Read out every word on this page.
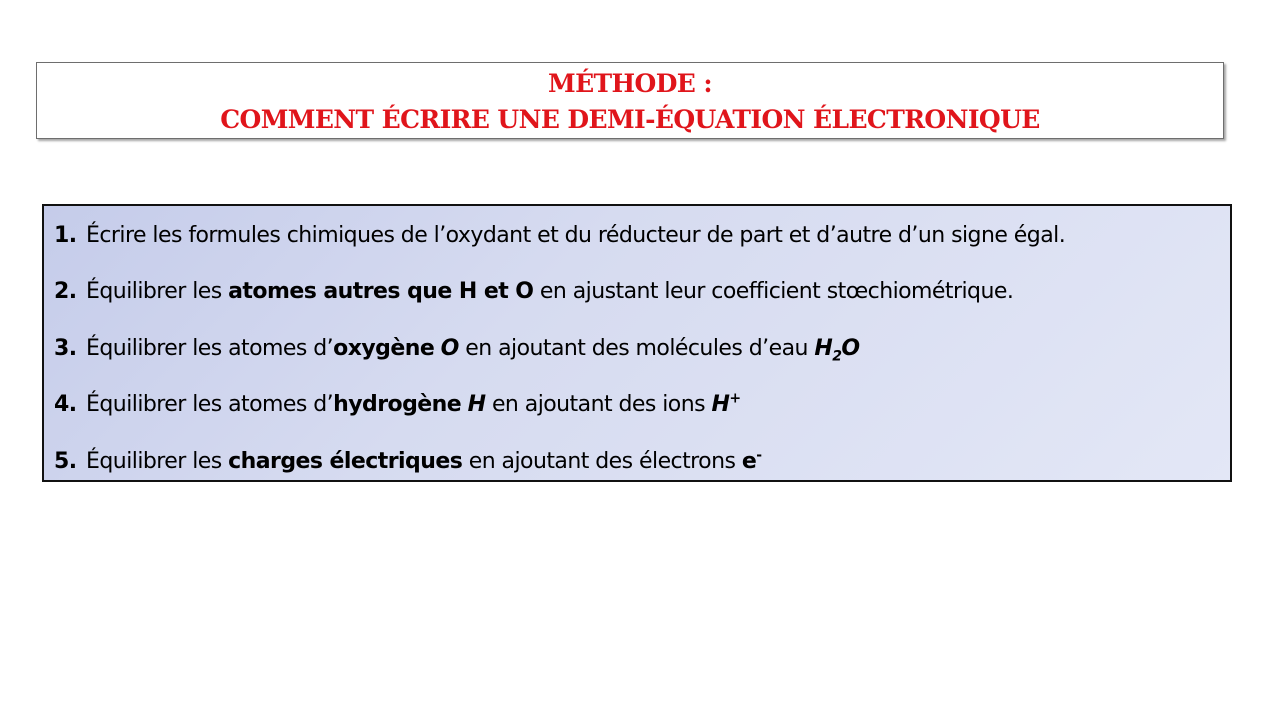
MÉTHODE :
COMMENT ÉCRIRE UNE DEMI-ÉQUATION ÉLECTRONIQUE
1. Écrire les formules chimiques de l’oxydant et du réducteur de part et d’autre d’un signe égal.
2. Équilibrer les atomes autres que H et O en ajustant leur coefficient stœchiométrique.
3. Équilibrer les atomes d’oxygène O en ajoutant des molécules d’eau $H_2O$
4. Équilibrer les atomes d’hydrogène H en ajoutant des ions H+
5. Équilibrer les charges électriques en ajoutant des électrons e-
